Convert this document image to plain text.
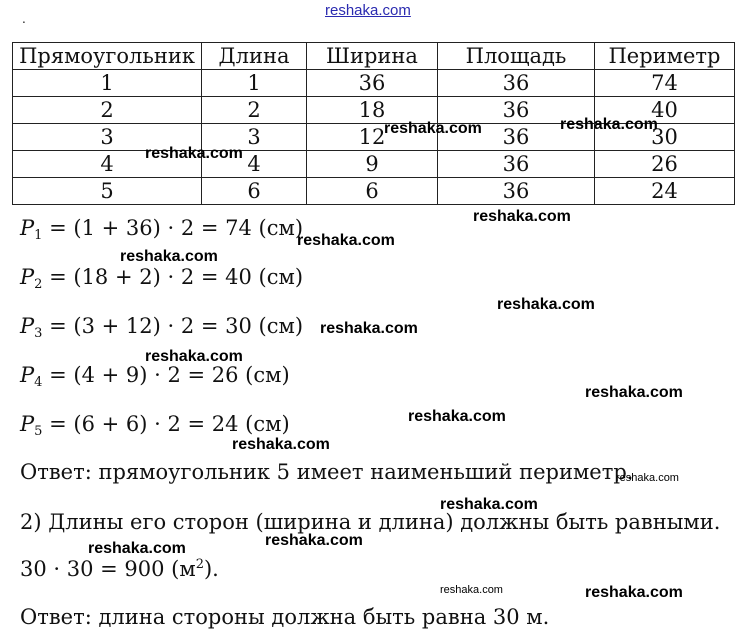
.	reshaka.com
Прямоугольник	Длина	Ширина	Площадь	Периметр
1	1	36	36	74
2	2	18	36	40
3	3	12	36	30
4	4	9	36	26
5	6	6	36	24
$P_1 = (1 + 36) \cdot 2 = 74$ (см)
$P_2 = (18 + 2) \cdot 2 = 40$ (см)
$P_3 = (3 + 12) \cdot 2 = 30$ (см)
$P_4 = (4 + 9) \cdot 2 = 26$ (см)
$P_5 = (6 + 6) \cdot 2 = 24$ (см)
Ответ: прямоугольник 5 имеет наименьший периметр.
2) Длины его сторон (ширина и длина) должны быть равными.
30 · 30 = 900 $(м^2)$.
Ответ: длина стороны должна быть равна 30 м.
reshaka.com	reshaka.com
reshaka.com
reshaka.com
reshaka.com
reshaka.com
reshaka.com
reshaka.com
reshaka.com
reshaka.com
reshaka.com
reshaka.com
reshaka.com
reshaka.com
reshaka.com
reshaka.com
reshaka.com	reshaka.com
